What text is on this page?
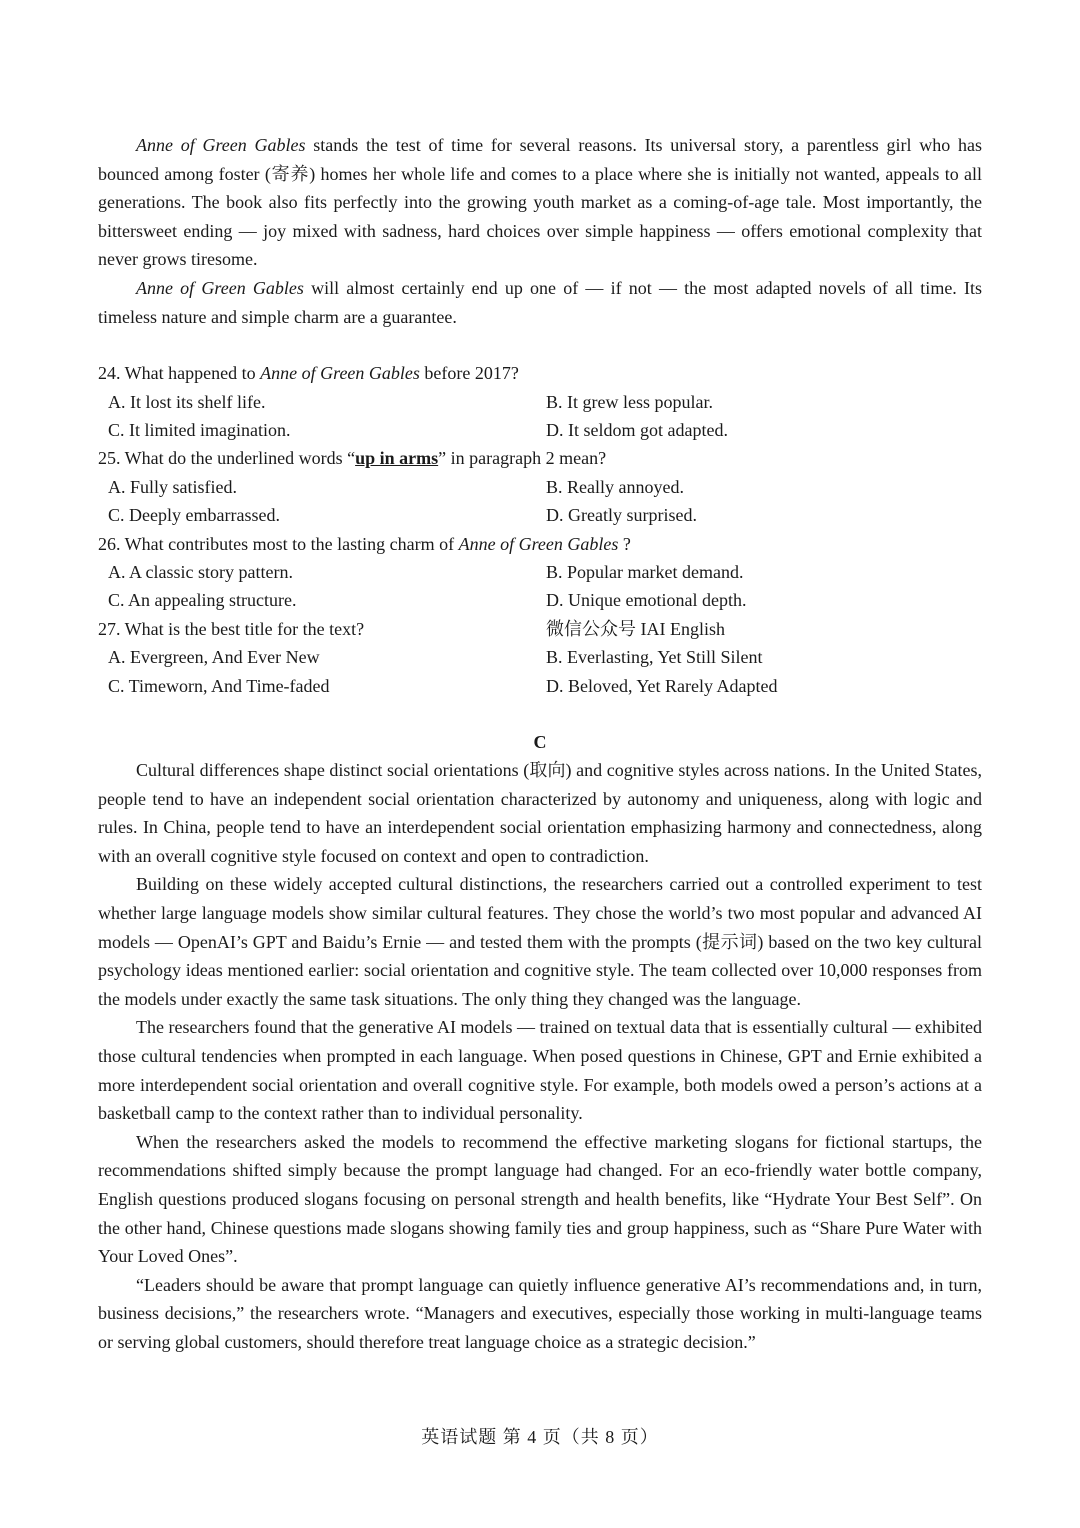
Anne of Green Gables stands the test of time for several reasons. Its universal story, a parentless girl who has bounced among foster (寄养) homes her whole life and comes to a place where she is initially not wanted, appeals to all generations. The book also fits perfectly into the growing youth market as a coming-of-age tale. Most importantly, the bittersweet ending — joy mixed with sadness, hard choices over simple happiness — offers emotional complexity that never grows tiresome.

Anne of Green Gables will almost certainly end up one of — if not — the most adapted novels of all time. Its timeless nature and simple charm are a guarantee.

24. What happened to Anne of Green Gables before 2017?
A. It lost its shelf life.	B. It grew less popular.
C. It limited imagination.	D. It seldom got adapted.
25. What do the underlined words “up in arms” in paragraph 2 mean?
A. Fully satisfied.	B. Really annoyed.
C. Deeply embarrassed.	D. Greatly surprised.
26. What contributes most to the lasting charm of Anne of Green Gables ?
A. A classic story pattern.	B. Popular market demand.
C. An appealing structure.	D. Unique emotional depth.
27. What is the best title for the text?	微信公众号 IAI English
A. Evergreen, And Ever New	B. Everlasting, Yet Still Silent
C. Timeworn, And Time-faded	D. Beloved, Yet Rarely Adapted
C

Cultural differences shape distinct social orientations (取向) and cognitive styles across nations. In the United States, people tend to have an independent social orientation characterized by autonomy and uniqueness, along with logic and rules. In China, people tend to have an interdependent social orientation emphasizing harmony and connectedness, along with an overall cognitive style focused on context and open to contradiction.

Building on these widely accepted cultural distinctions, the researchers carried out a controlled experiment to test whether large language models show similar cultural features. They chose the world’s two most popular and advanced AI models — OpenAI’s GPT and Baidu’s Ernie — and tested them with the prompts (提示词) based on the two key cultural psychology ideas mentioned earlier: social orientation and cognitive style. The team collected over 10,000 responses from the models under exactly the same task situations. The only thing they changed was the language.

The researchers found that the generative AI models — trained on textual data that is essentially cultural — exhibited those cultural tendencies when prompted in each language. When posed questions in Chinese, GPT and Ernie exhibited a more interdependent social orientation and overall cognitive style. For example, both models owed a person’s actions at a basketball camp to the context rather than to individual personality.

When the researchers asked the models to recommend the effective marketing slogans for fictional startups, the recommendations shifted simply because the prompt language had changed. For an eco-friendly water bottle company, English questions produced slogans focusing on personal strength and health benefits, like “Hydrate Your Best Self”. On the other hand, Chinese questions made slogans showing family ties and group happiness, such as “Share Pure Water with Your Loved Ones”.

“Leaders should be aware that prompt language can quietly influence generative AI’s recommendations and, in turn, business decisions,” the researchers wrote. “Managers and executives, especially those working in multi-language teams or serving global customers, should therefore treat language choice as a strategic decision.”

英语试题 第 4 页（共 8 页）
